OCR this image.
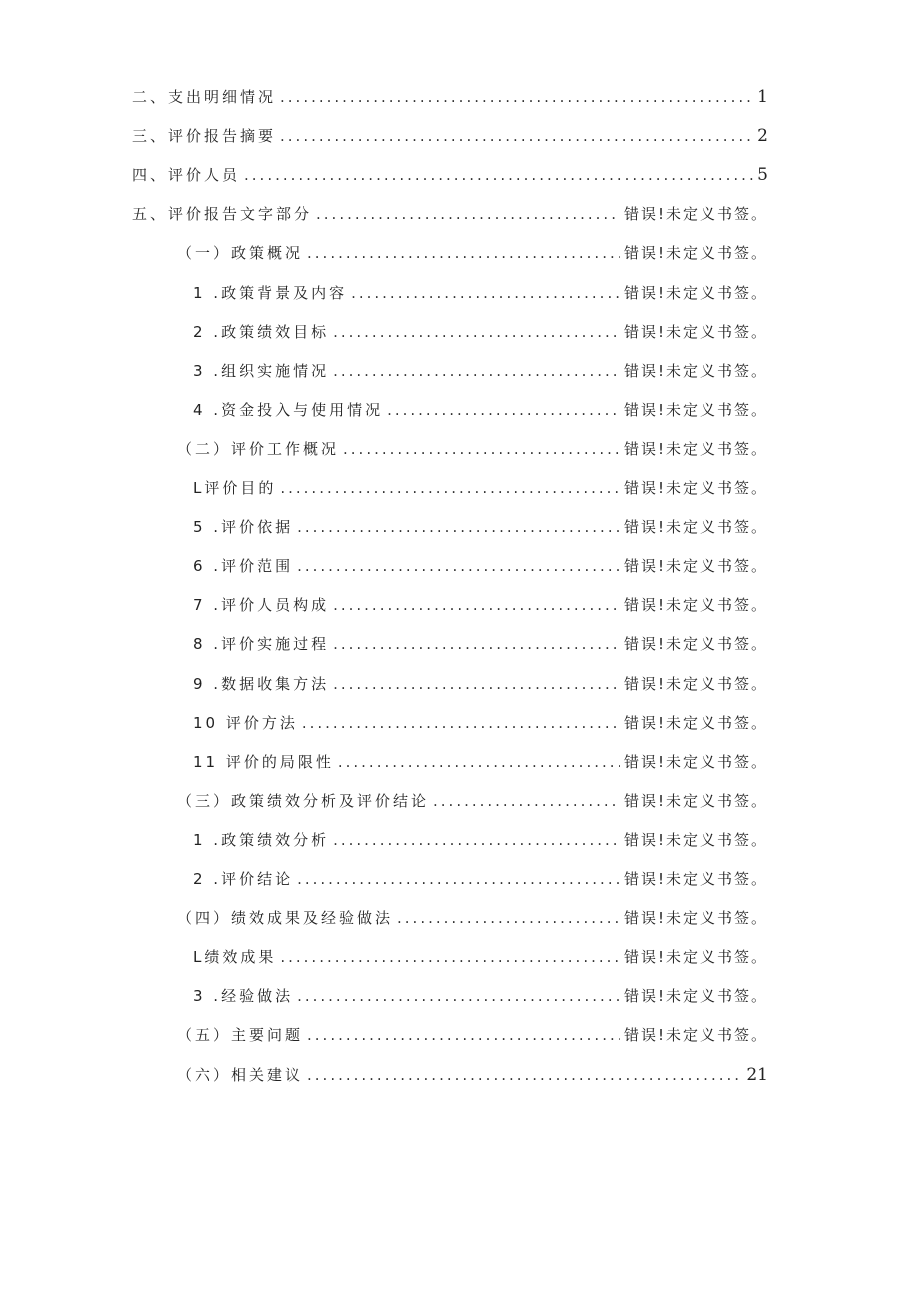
二、支出明细情况 .....	1
三、评价报告摘要 .....	2
四、评价人员 .....	5
五、评价报告文字部分 .....	错误!未定义书签。
（一）政策概况 .....	错误!未定义书签。
1 .政策背景及内容 .....	错误!未定义书签。
2 .政策绩效目标 .....	错误!未定义书签。
3 .组织实施情况 .....	错误!未定义书签。
4 .资金投入与使用情况 .....	错误!未定义书签。
（二）评价工作概况 .....	错误!未定义书签。
L评价目的 .....	错误!未定义书签。
5 .评价依据 .....	错误!未定义书签。
6 .评价范围 .....	错误!未定义书签。
7 .评价人员构成 .....	错误!未定义书签。
8 .评价实施过程 .....	错误!未定义书签。
9 .数据收集方法 .....	错误!未定义书签。
10 评价方法 .....	错误!未定义书签。
11 评价的局限性 .....	错误!未定义书签。
（三）政策绩效分析及评价结论 .....	错误!未定义书签。
1 .政策绩效分析 .....	错误!未定义书签。
2 .评价结论 .....	错误!未定义书签。
（四）绩效成果及经验做法 .....	错误!未定义书签。
L绩效成果 .....	错误!未定义书签。
3 .经验做法 .....	错误!未定义书签。
（五）主要问题 .....	错误!未定义书签。
（六）相关建议 .....	21
